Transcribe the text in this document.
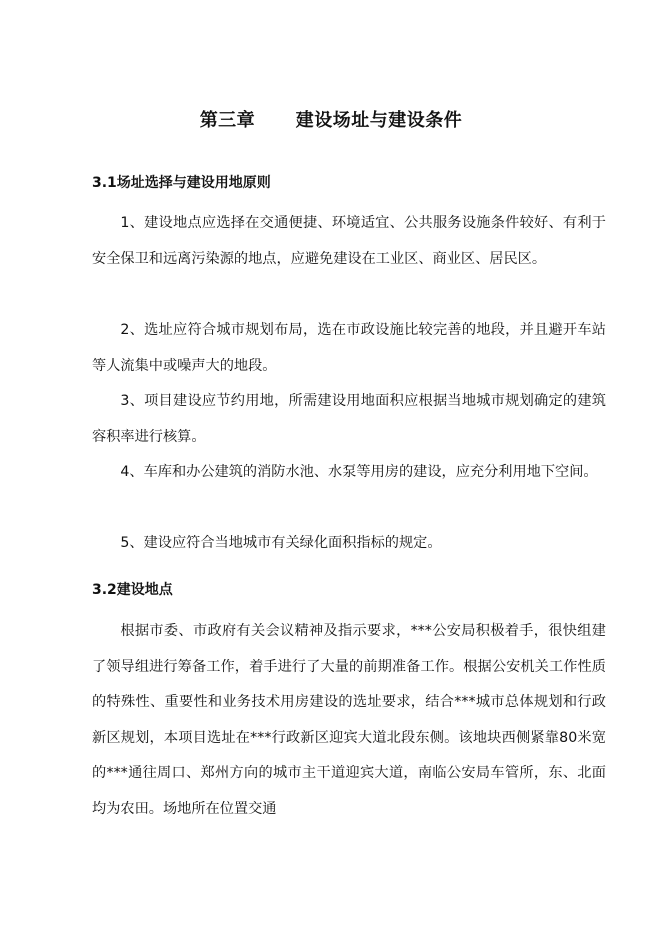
第三章      建设场址与建设条件
3.1场址选择与建设用地原则

1、建设地点应选择在交通便捷、环境适宜、公共服务设施条件较好、有利于安全保卫和远离污染源的地点，应避免建设在工业区、商业区、居民区。

2、选址应符合城市规划布局，选在市政设施比较完善的地段，并且避开车站等人流集中或噪声大的地段。

3、项目建设应节约用地，所需建设用地面积应根据当地城市规划确定的建筑容积率进行核算。

4、车库和办公建筑的消防水池、水泵等用房的建设，应充分利用地下空间。

5、建设应符合当地城市有关绿化面积指标的规定。

3.2建设地点

根据市委、市政府有关会议精神及指示要求，***公安局积极着手，很快组建了领导组进行筹备工作，着手进行了大量的前期准备工作。根据公安机关工作性质的特殊性、重要性和业务技术用房建设的选址要求，结合***城市总体规划和行政新区规划，本项目选址在***行政新区迎宾大道北段东侧。该地块西侧紧靠80米宽的***通往周口、郑州方向的城市主干道迎宾大道，南临公安局车管所，东、北面均为农田。场地所在位置交通
